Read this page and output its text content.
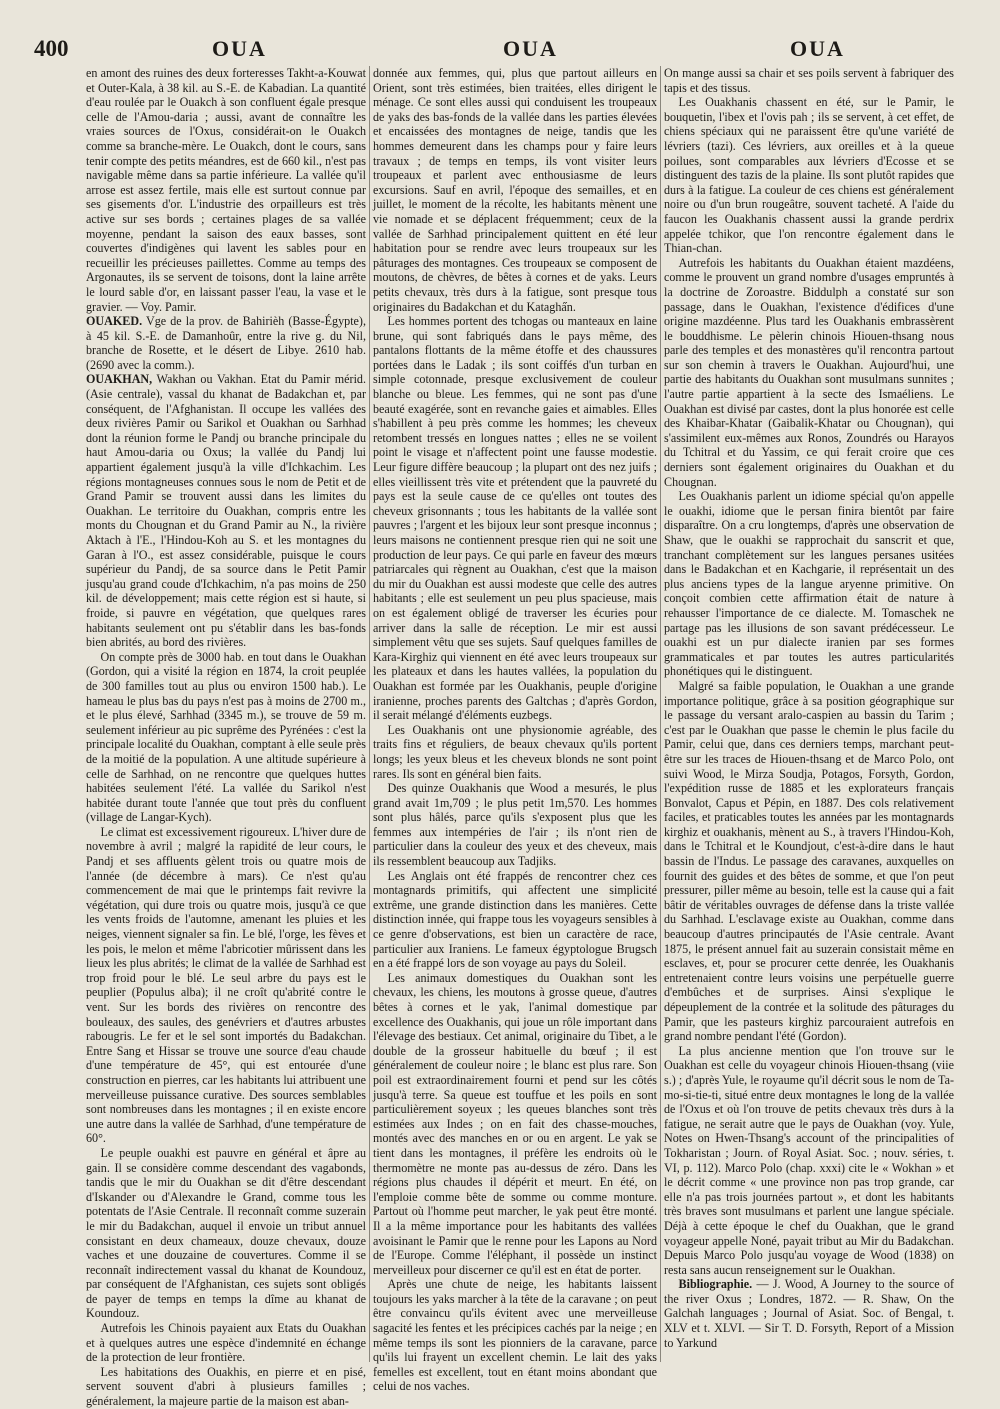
400	OUA	OUA	OUA

en amont des ruines des deux forteresses Takht-a-Kouwat et Outer-Kala, à 38 kil. au S.-E. de Kabadian. La quantité d'eau roulée par le Ouakch à son confluent égale presque celle de l'Amou-daria ; aussi, avant de connaître les vraies sources de l'Oxus, considérait-on le Ouakch comme sa branche-mère. Le Ouakch, dont le cours, sans tenir compte des petits méandres, est de 660 kil., n'est pas navigable même dans sa partie inférieure. La vallée qu'il arrose est assez fertile, mais elle est surtout connue par ses gisements d'or. L'industrie des orpailleurs est très active sur ses bords ; certaines plages de sa vallée moyenne, pendant la saison des eaux basses, sont couvertes d'indigènes qui lavent les sables pour en recueillir les précieuses paillettes. Comme au temps des Argonautes, ils se servent de toisons, dont la laine arrête le lourd sable d'or, en laissant passer l'eau, la vase et le gravier. — Voy. Pamir.

OUAKED. Vge de la prov. de Bahirièh (Basse-Égypte), à 45 kil. S.-E. de Damanhoûr, entre la rive g. du Nil, branche de Rosette, et le désert de Libye. 2610 hab. (2690 avec la comm.).

OUAKHAN, Wakhan ou Vakhan. Etat du Pamir mérid. (Asie centrale), vassal du khanat de Badakchan et, par conséquent, de l'Afghanistan. Il occupe les vallées des deux rivières Pamir ou Sarikol et Ouakhan ou Sarhhad dont la réunion forme le Pandj ou branche principale du haut Amou-daria ou Oxus; la vallée du Pandj lui appartient également jusqu'à la ville d'Ichkachim. Les régions montagneuses connues sous le nom de Petit et de Grand Pamir se trouvent aussi dans les limites du Ouakhan. Le territoire du Ouakhan, compris entre les monts du Chougnan et du Grand Pamir au N., la rivière Aktach à l'E., l'Hindou-Koh au S. et les montagnes du Garan à l'O., est assez considérable, puisque le cours supérieur du Pandj, de sa source dans le Petit Pamir jusqu'au grand coude d'Ichkachim, n'a pas moins de 250 kil. de développement; mais cette région est si haute, si froide, si pauvre en végétation, que quelques rares habitants seulement ont pu s'établir dans les bas-fonds bien abrités, au bord des rivières.

On compte près de 3000 hab. en tout dans le Ouakhan (Gordon, qui a visité la région en 1874, la croit peuplée de 300 familles tout au plus ou environ 1500 hab.). Le hameau le plus bas du pays n'est pas à moins de 2700 m., et le plus élevé, Sarhhad (3345 m.), se trouve de 59 m. seulement inférieur au pic suprême des Pyrénées : c'est la principale localité du Ouakhan, comptant à elle seule près de la moitié de la population. A une altitude supérieure à celle de Sarhhad, on ne rencontre que quelques huttes habitées seulement l'été. La vallée du Sarikol n'est habitée durant toute l'année que tout près du confluent (village de Langar-Kych).

Le climat est excessivement rigoureux. L'hiver dure de novembre à avril ; malgré la rapidité de leur cours, le Pandj et ses affluents gèlent trois ou quatre mois de l'année (de décembre à mars). Ce n'est qu'au commencement de mai que le printemps fait revivre la végétation, qui dure trois ou quatre mois, jusqu'à ce que les vents froids de l'automne, amenant les pluies et les neiges, viennent signaler sa fin. Le blé, l'orge, les fèves et les pois, le melon et même l'abricotier mûrissent dans les lieux les plus abrités; le climat de la vallée de Sarhhad est trop froid pour le blé. Le seul arbre du pays est le peuplier (Populus alba); il ne croît qu'abrité contre le vent. Sur les bords des rivières on rencontre des bouleaux, des saules, des genévriers et d'autres arbustes rabougris. Le fer et le sel sont importés du Badakchan. Entre Sang et Hissar se trouve une source d'eau chaude d'une température de 45°, qui est entourée d'une construction en pierres, car les habitants lui attribuent une merveilleuse puissance curative. Des sources semblables sont nombreuses dans les montagnes ; il en existe encore une autre dans la vallée de Sarhhad, d'une température de 60°.

Le peuple ouakhi est pauvre en général et âpre au gain. Il se considère comme descendant des vagabonds, tandis que le mir du Ouakhan se dit d'être descendant d'Iskander ou d'Alexandre le Grand, comme tous les potentats de l'Asie Centrale. Il reconnaît comme suzerain le mir du Badakchan, auquel il envoie un tribut annuel consistant en deux chameaux, douze chevaux, douze vaches et une douzaine de couvertures. Comme il se reconnaît indirectement vassal du khanat de Koundouz, par conséquent de l'Afghanistan, ces sujets sont obligés de payer de temps en temps la dîme au khanat de Koundouz.

Autrefois les Chinois payaient aux Etats du Ouakhan et à quelques autres une espèce d'indemnité en échange de la protection de leur frontière.

Les habitations des Ouakhis, en pierre et en pisé, servent souvent d'abri à plusieurs familles ; généralement, la majeure partie de la maison est aban-

donnée aux femmes, qui, plus que partout ailleurs en Orient, sont très estimées, bien traitées, elles dirigent le ménage. Ce sont elles aussi qui conduisent les troupeaux de yaks des bas-fonds de la vallée dans les parties élevées et encaissées des montagnes de neige, tandis que les hommes demeurent dans les champs pour y faire leurs travaux ; de temps en temps, ils vont visiter leurs troupeaux et parlent avec enthousiasme de leurs excursions. Sauf en avril, l'époque des semailles, et en juillet, le moment de la récolte, les habitants mènent une vie nomade et se déplacent fréquemment; ceux de la vallée de Sarhhad principalement quittent en été leur habitation pour se rendre avec leurs troupeaux sur les pâturages des montagnes. Ces troupeaux se composent de moutons, de chèvres, de bêtes à cornes et de yaks. Leurs petits chevaux, très durs à la fatigue, sont presque tous originaires du Badakchan et du Katagha̋n.

Les hommes portent des tchogas ou manteaux en laine brune, qui sont fabriqués dans le pays même, des pantalons flottants de la même étoffe et des chaussures portées dans le Ladak ; ils sont coiffés d'un turban en simple cotonnade, presque exclusivement de couleur blanche ou bleue. Les femmes, qui ne sont pas d'une beauté exagérée, sont en revanche gaies et aimables. Elles s'habillent à peu près comme les hommes; les cheveux retombent tressés en longues nattes ; elles ne se voilent point le visage et n'affectent point une fausse modestie. Leur figure diffère beaucoup ; la plupart ont des nez juifs ; elles vieillissent très vite et prétendent que la pauvreté du pays est la seule cause de ce qu'elles ont toutes des cheveux grisonnants ; tous les habitants de la vallée sont pauvres ; l'argent et les bijoux leur sont presque inconnus ; leurs maisons ne contiennent presque rien qui ne soit une production de leur pays. Ce qui parle en faveur des mœurs patriarcales qui règnent au Ouakhan, c'est que la maison du mir du Ouakhan est aussi modeste que celle des autres habitants ; elle est seulement un peu plus spacieuse, mais on est également obligé de traverser les écuries pour arriver dans la salle de réception. Le mir est aussi simplement vêtu que ses sujets. Sauf quelques familles de Kara-Kirghiz qui viennent en été avec leurs troupeaux sur les plateaux et dans les hautes vallées, la population du Ouakhan est formée par les Ouakhanis, peuple d'origine iranienne, proches parents des Galtchas ; d'après Gordon, il serait mélangé d'éléments euzbegs.

Les Ouakhanis ont une physionomie agréable, des traits fins et réguliers, de beaux chevaux qu'ils portent longs; les yeux bleus et les cheveux blonds ne sont point rares. Ils sont en général bien faits.

Des quinze Ouakhanis que Wood a mesurés, le plus grand avait 1m,709 ; le plus petit 1m,570. Les hommes sont plus hâlés, parce qu'ils s'exposent plus que les femmes aux intempéries de l'air ; ils n'ont rien de particulier dans la couleur des yeux et des cheveux, mais ils ressemblent beaucoup aux Tadjiks.

Les Anglais ont été frappés de rencontrer chez ces montagnards primitifs, qui affectent une simplicité extrême, une grande distinction dans les manières. Cette distinction innée, qui frappe tous les voyageurs sensibles à ce genre d'observations, est bien un caractère de race, particulier aux Iraniens. Le fameux égyptologue Brugsch en a été frappé lors de son voyage au pays du Soleil.

Les animaux domestiques du Ouakhan sont les chevaux, les chiens, les moutons à grosse queue, d'autres bêtes à cornes et le yak, l'animal domestique par excellence des Ouakhanis, qui joue un rôle important dans l'élevage des bestiaux. Cet animal, originaire du Tibet, a le double de la grosseur habituelle du bœuf ; il est généralement de couleur noire ; le blanc est plus rare. Son poil est extraordinairement fourni et pend sur les côtés jusqu'à terre. Sa queue est touffue et les poils en sont particulièrement soyeux ; les queues blanches sont très estimées aux Indes ; on en fait des chasse-mouches, montés avec des manches en or ou en argent. Le yak se tient dans les montagnes, il préfère les endroits où le thermomètre ne monte pas au-dessus de zéro. Dans les régions plus chaudes il dépérit et meurt. En été, on l'emploie comme bête de somme ou comme monture. Partout où l'homme peut marcher, le yak peut être monté. Il a la même importance pour les habitants des vallées avoisinant le Pamir que le renne pour les Lapons au Nord de l'Europe. Comme l'éléphant, il possède un instinct merveilleux pour discerner ce qu'il est en état de porter.

Après une chute de neige, les habitants laissent toujours les yaks marcher à la tête de la caravane ; on peut être convaincu qu'ils évitent avec une merveilleuse sagacité les fentes et les précipices cachés par la neige ; en même temps ils sont les pionniers de la caravane, parce qu'ils lui frayent un excellent chemin. Le lait des yaks femelles est excellent, tout en étant moins abondant que celui de nos vaches.

On mange aussi sa chair et ses poils servent à fabriquer des tapis et des tissus.

Les Ouakhanis chassent en été, sur le Pamir, le bouquetin, l'ibex et l'ovis pah ; ils se servent, à cet effet, de chiens spéciaux qui ne paraissent être qu'une variété de lévriers (tazi). Ces lévriers, aux oreilles et à la queue poilues, sont comparables aux lévriers d'Ecosse et se distinguent des tazis de la plaine. Ils sont plutôt rapides que durs à la fatigue. La couleur de ces chiens est généralement noire ou d'un brun rougeâtre, souvent tacheté. A l'aide du faucon les Ouakhanis chassent aussi la grande perdrix appelée tchikor, que l'on rencontre également dans le Thian-chan.

Autrefois les habitants du Ouakhan étaient mazdéens, comme le prouvent un grand nombre d'usages empruntés à la doctrine de Zoroastre. Biddulph a constaté sur son passage, dans le Ouakhan, l'existence d'édifices d'une origine mazdéenne. Plus tard les Ouakhanis embrassèrent le bouddhisme. Le pèlerin chinois Hiouen-thsang nous parle des temples et des monastères qu'il rencontra partout sur son chemin à travers le Ouakhan. Aujourd'hui, une partie des habitants du Ouakhan sont musulmans sunnites ; l'autre partie appartient à la secte des Ismaéliens. Le Ouakhan est divisé par castes, dont la plus honorée est celle des Khaibar-Khatar (Gaibalik-Khatar ou Chougnan), qui s'assimilent eux-mêmes aux Ronos, Zoundrés ou Harayos du Tchitral et du Yassim, ce qui ferait croire que ces derniers sont également originaires du Ouakhan et du Chougnan.

Les Ouakhanis parlent un idiome spécial qu'on appelle le ouakhi, idiome que le persan finira bientôt par faire disparaître. On a cru longtemps, d'après une observation de Shaw, que le ouakhi se rapprochait du sanscrit et que, tranchant complètement sur les langues persanes usitées dans le Badakchan et en Kachgarie, il représentait un des plus anciens types de la langue aryenne primitive. On conçoit combien cette affirmation était de nature à rehausser l'importance de ce dialecte. M. Tomaschek ne partage pas les illusions de son savant prédécesseur. Le ouakhi est un pur dialecte iranien par ses formes grammaticales et par toutes les autres particularités phonétiques qui le distinguent.

Malgré sa faible population, le Ouakhan a une grande importance politique, grâce à sa position géographique sur le passage du versant aralo-caspien au bassin du Tarim ; c'est par le Ouakhan que passe le chemin le plus facile du Pamir, celui que, dans ces derniers temps, marchant peut-être sur les traces de Hiouen-thsang et de Marco Polo, ont suivi Wood, le Mirza Soudja, Potagos, Forsyth, Gordon, l'expédition russe de 1885 et les explorateurs français Bonvalot, Capus et Pépin, en 1887. Des cols relativement faciles, et praticables toutes les années par les montagnards kirghiz et ouakhanis, mènent au S., à travers l'Hindou-Koh, dans le Tchitral et le Koundjout, c'est-à-dire dans le haut bassin de l'Indus. Le passage des caravanes, auxquelles on fournit des guides et des bêtes de somme, et que l'on peut pressurer, piller même au besoin, telle est la cause qui a fait bâtir de véritables ouvrages de défense dans la triste vallée du Sarhhad. L'esclavage existe au Ouakhan, comme dans beaucoup d'autres principautés de l'Asie centrale. Avant 1875, le présent annuel fait au suzerain consistait même en esclaves, et, pour se procurer cette denrée, les Ouakhanis entretenaient contre leurs voisins une perpétuelle guerre d'embûches et de surprises. Ainsi s'explique le dépeuplement de la contrée et la solitude des pâturages du Pamir, que les pasteurs kirghiz parcouraient autrefois en grand nombre pendant l'été (Gordon).

La plus ancienne mention que l'on trouve sur le Ouakhan est celle du voyageur chinois Hiouen-thsang (viie s.) ; d'après Yule, le royaume qu'il décrit sous le nom de Ta-mo-si-tie-ti, situé entre deux montagnes le long de la vallée de l'Oxus et où l'on trouve de petits chevaux très durs à la fatigue, ne serait autre que le pays de Ouakhan (voy. Yule, Notes on Hwen-Thsang's account of the principalities of Tokharistan ; Journ. of Royal Asiat. Soc. ; nouv. séries, t. VI, p. 112). Marco Polo (chap. xxxi) cite le « Wokhan » et le décrit comme « une province non pas trop grande, car elle n'a pas trois journées partout », et dont les habitants très braves sont musulmans et parlent une langue spéciale. Déjà à cette époque le chef du Ouakhan, que le grand voyageur appelle Noné, payait tribut au Mir du Badakchan. Depuis Marco Polo jusqu'au voyage de Wood (1838) on resta sans aucun renseignement sur le Ouakhan.

Bibliographie. — J. Wood, A Journey to the source of the river Oxus ; Londres, 1872. — R. Shaw, On the Galchah languages ; Journal of Asiat. Soc. of Bengal, t. XLV et t. XLVI. — Sir T. D. Forsyth, Report of a Mission to Yarkund
